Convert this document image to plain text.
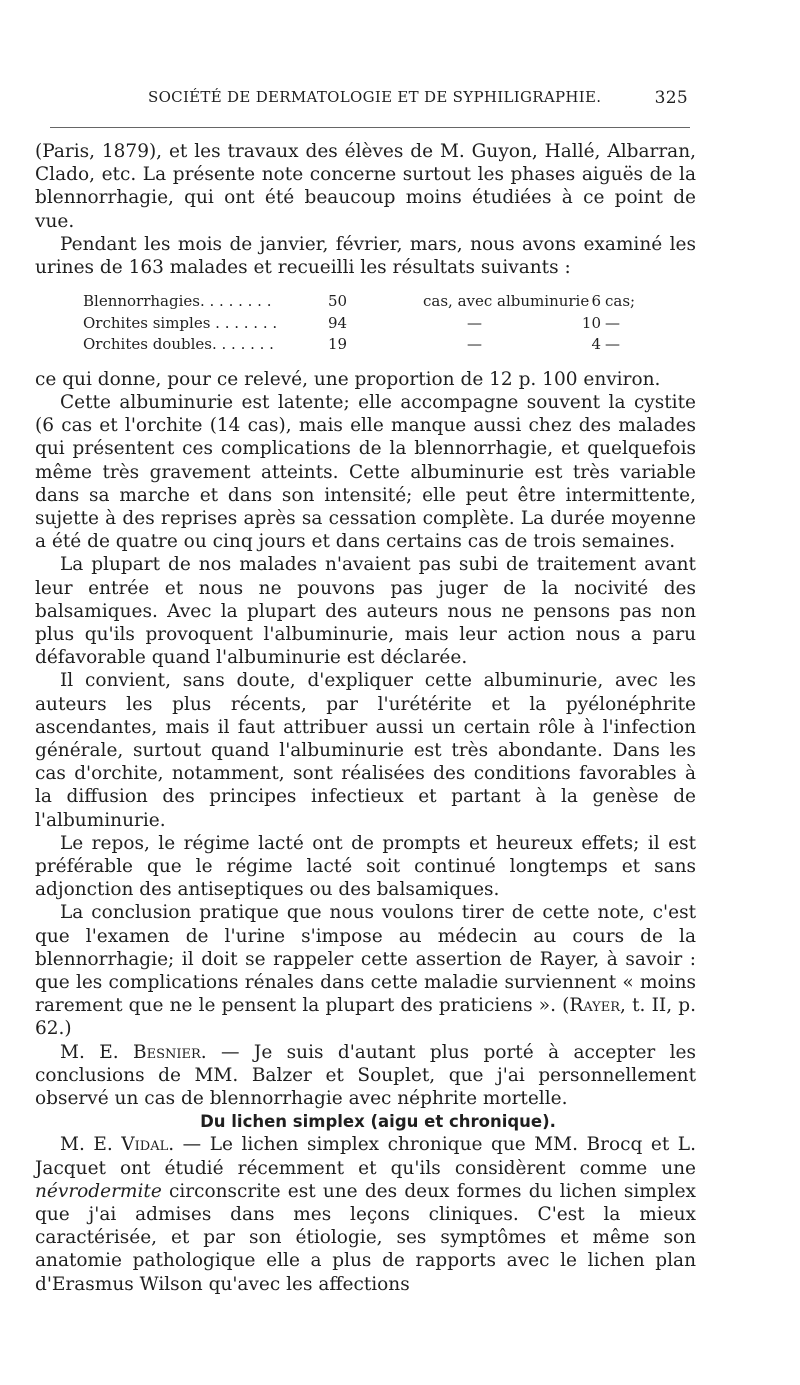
SOCIÉTÉ DE DERMATOLOGIE ET DE SYPHILIGRAPHIE.	325

(Paris, 1879), et les travaux des élèves de M. Guyon, Hallé, Albarran, Clado, etc. La présente note concerne surtout les phases aiguës de la blennorrhagie, qui ont été beaucoup moins étudiées à ce point de vue.

Pendant les mois de janvier, février, mars, nous avons examiné les urines de 163 malades et recueilli les résultats suivants :

Blennorrhagies. . . . . . . .	50	cas, avec albuminurie 6 cas;
Orchites simples . . . . . . .	94	—	10 —
Orchites doubles. . . . . . .	19	—	4 —

ce qui donne, pour ce relevé, une proportion de 12 p. 100 environ.

Cette albuminurie est latente; elle accompagne souvent la cystite (6 cas et l'orchite (14 cas), mais elle manque aussi chez des malades qui présentent ces complications de la blennorrhagie, et quelquefois même très gravement atteints. Cette albuminurie est très variable dans sa marche et dans son intensité; elle peut être intermittente, sujette à des reprises après sa cessation complète. La durée moyenne a été de quatre ou cinq jours et dans certains cas de trois semaines.

La plupart de nos malades n'avaient pas subi de traitement avant leur entrée et nous ne pouvons pas juger de la nocivité des balsamiques. Avec la plupart des auteurs nous ne pensons pas non plus qu'ils provoquent l'albuminurie, mais leur action nous a paru défavorable quand l'albuminurie est déclarée.

Il convient, sans doute, d'expliquer cette albuminurie, avec les auteurs les plus récents, par l'urétérite et la pyélonéphrite ascendantes, mais il faut attribuer aussi un certain rôle à l'infection générale, surtout quand l'albuminurie est très abondante. Dans les cas d'orchite, notamment, sont réalisées des conditions favorables à la diffusion des principes infectieux et partant à la genèse de l'albuminurie.

Le repos, le régime lacté ont de prompts et heureux effets; il est préférable que le régime lacté soit continué longtemps et sans adjonction des antiseptiques ou des balsamiques.

La conclusion pratique que nous voulons tirer de cette note, c'est que l'examen de l'urine s'impose au médecin au cours de la blennorrhagie; il doit se rappeler cette assertion de Rayer, à savoir : que les complications rénales dans cette maladie surviennent « moins rarement que ne le pensent la plupart des praticiens ». (Rayer, t. II, p. 62.)

M. E. Besnier. — Je suis d'autant plus porté à accepter les conclusions de MM. Balzer et Souplet, que j'ai personnellement observé un cas de blennorrhagie avec néphrite mortelle.

Du lichen simplex (aigu et chronique).

M. E. Vidal. — Le lichen simplex chronique que MM. Brocq et L. Jacquet ont étudié récemment et qu'ils considèrent comme une névrodermite circonscrite est une des deux formes du lichen simplex que j'ai admises dans mes leçons cliniques. C'est la mieux caractérisée, et par son étiologie, ses symptômes et même son anatomie pathologique elle a plus de rapports avec le lichen plan d'Erasmus Wilson qu'avec les affections
